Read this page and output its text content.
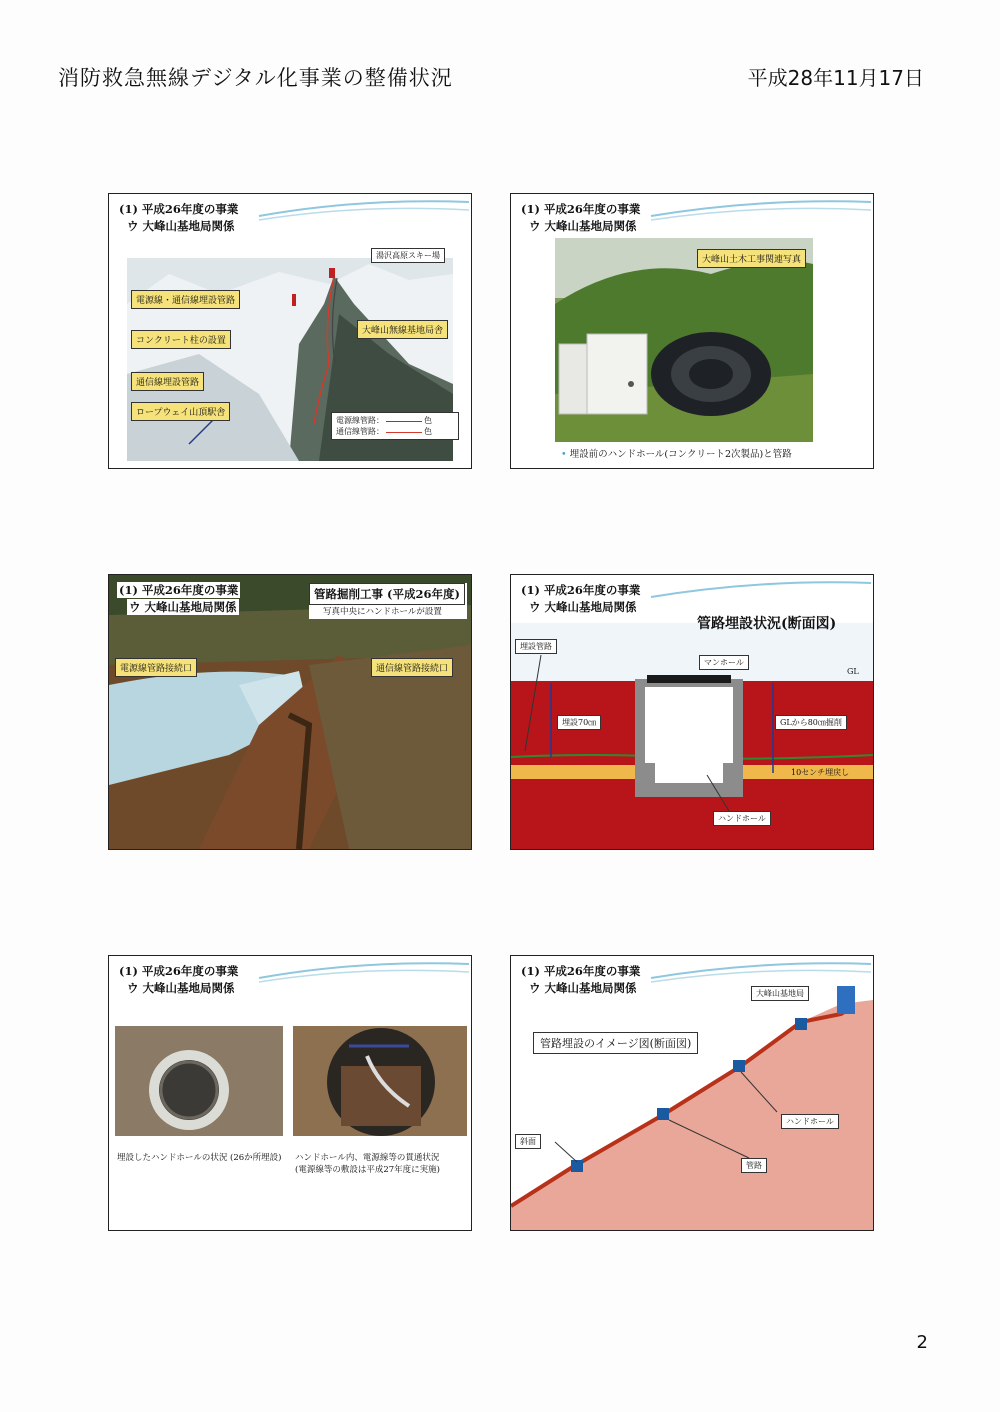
消防救急無線デジタル化事業の整備状況	平成28年11月17日
(1) 平成26年度の事業
ウ 大峰山基地局関係
湯沢高原スキー場
電源線・通信線埋設管路
コンクリート柱の設置
通信線埋設管路
ロープウェイ山頂駅舎
大峰山無線基地局舎
電源線管路：	色
通信線管路：	色
(1) 平成26年度の事業
ウ 大峰山基地局関係
大峰山土木工事関連写真
• 埋設前のハンドホール(コンクリート2次製品)と管路
(1) 平成26年度の事業
ウ 大峰山基地局関係
管路掘削工事 (平成26年度)
写真中央にハンドホールが設置
電源線管路接続口	通信線管路接続口
(1) 平成26年度の事業
ウ 大峰山基地局関係
管路埋設状況(断面図)
埋設管路
マンホール
GL
埋設70㎝	GLから80㎝掘削
10センチ埋戻し
ハンドホール
(1) 平成26年度の事業
ウ 大峰山基地局関係
埋設したハンドホールの状況 (26か所埋設) ハンドホール内、電源線等の貫通状況
(電源線等の敷設は平成27年度に実施)
(1) 平成26年度の事業
ウ 大峰山基地局関係	大峰山基地局
管路埋設のイメージ図(断面図)
ハンドホール
斜面
管路
2
